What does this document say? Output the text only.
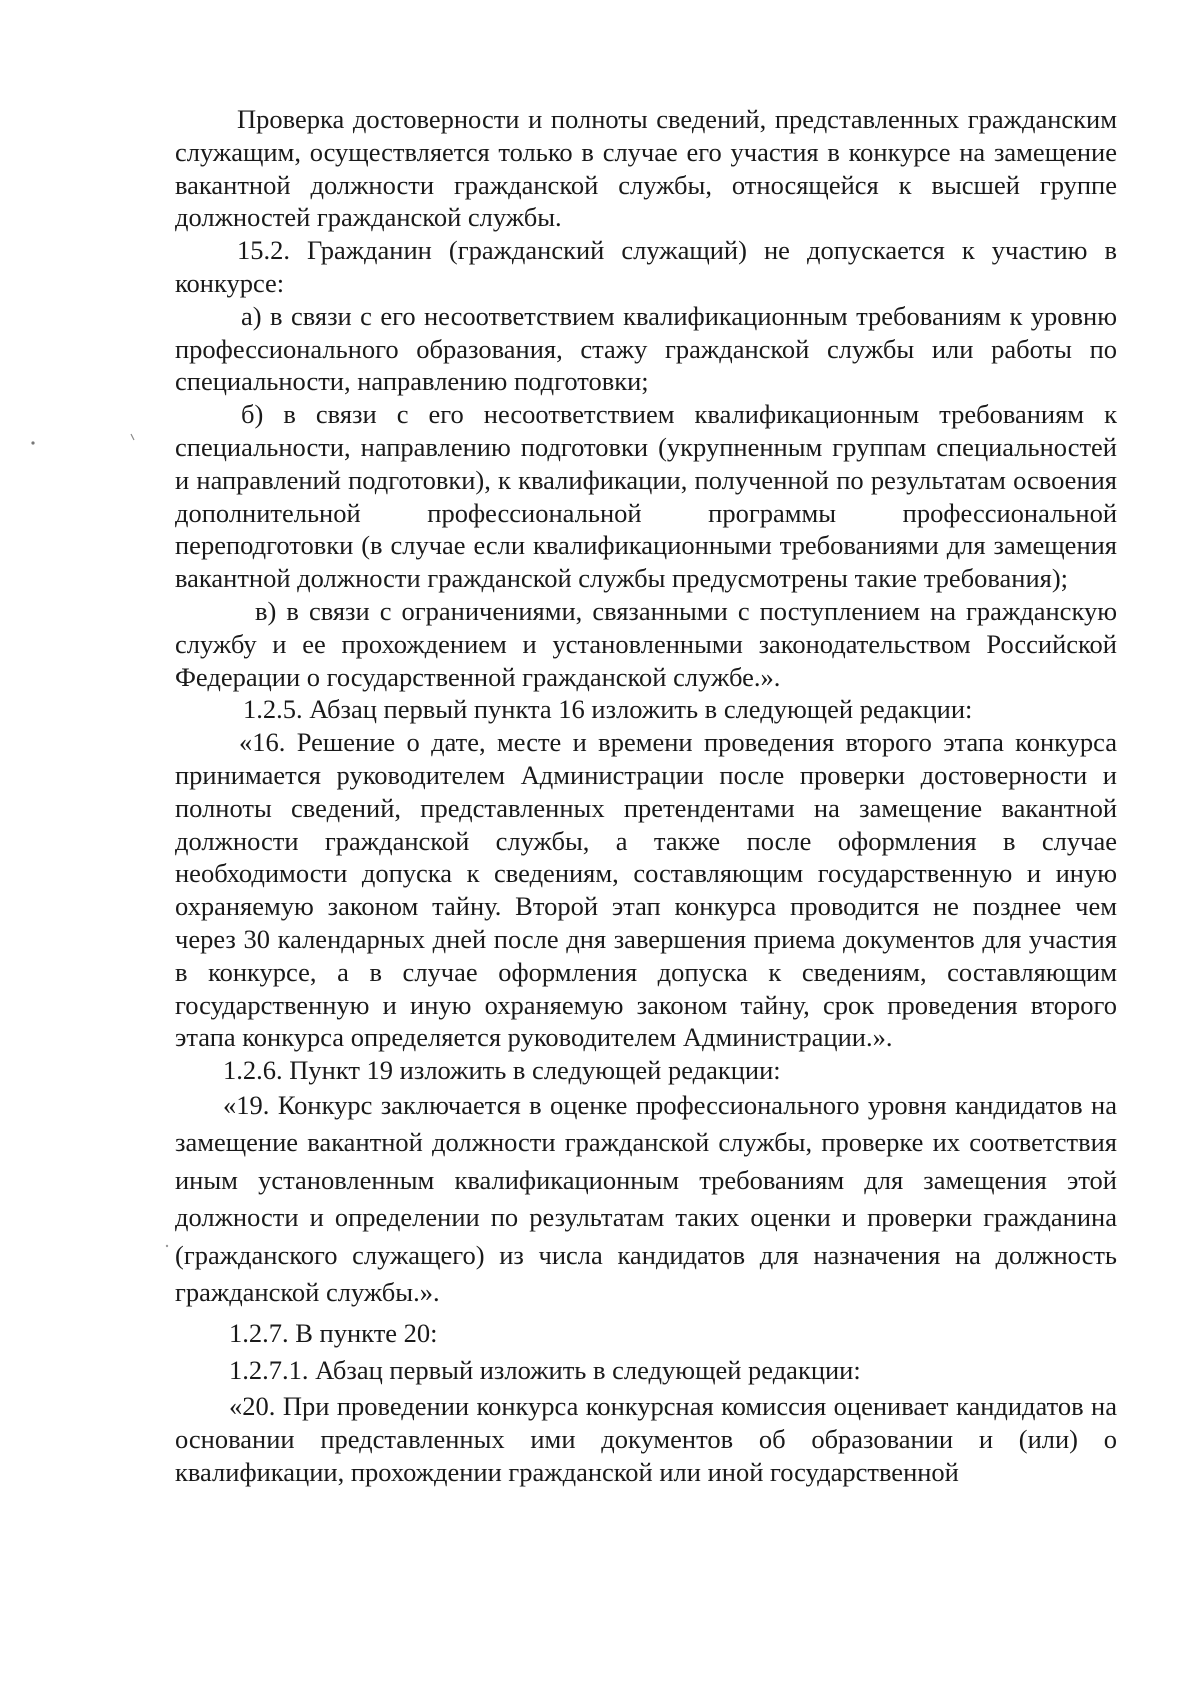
Проверка достоверности и полноты сведений, представленных гражданским служащим, осуществляется только в случае его участия в конкурсе на замещение вакантной должности гражданской службы, относящейся к высшей группе должностей гражданской службы.

15.2. Гражданин (гражданский служащий) не допускается к участию в конкурсе:

а) в связи с его несоответствием квалификационным требованиям к уровню профессионального образования, стажу гражданской службы или работы по специальности, направлению подготовки;

б) в связи с его несоответствием квалификационным требованиям к специальности, направлению подготовки (укрупненным группам специальностей и направлений подготовки), к квалификации, полученной по результатам освоения дополнительной профессиональной программы профессиональной переподготовки (в случае если квалификационными требованиями для замещения вакантной должности гражданской службы предусмотрены такие требования);

в) в связи с ограничениями, связанными с поступлением на гражданскую службу и ее прохождением и установленными законодательством Российской Федерации о государственной гражданской службе.».

1.2.5. Абзац первый пункта 16 изложить в следующей редакции:

«16. Решение о дате, месте и времени проведения второго этапа конкурса принимается руководителем Администрации после проверки достоверности и полноты сведений, представленных претендентами на замещение вакантной должности гражданской службы, а также после оформления в случае необходимости допуска к сведениям, составляющим государственную и иную охраняемую законом тайну. Второй этап конкурса проводится не позднее чем через 30 календарных дней после дня завершения приема документов для участия в конкурсе, а в случае оформления допуска к сведениям, составляющим государственную и иную охраняемую законом тайну, срок проведения второго этапа конкурса определяется руководителем Администрации.».

1.2.6. Пункт 19 изложить в следующей редакции:

«19. Конкурс заключается в оценке профессионального уровня кандидатов на замещение вакантной должности гражданской службы, проверке их соответствия иным установленным квалификационным требованиям для замещения этой должности и определении по результатам таких оценки и проверки гражданина (гражданского служащего) из числа кандидатов для назначения на должность гражданской службы.».

1.2.7. В пункте 20:

1.2.7.1. Абзац первый изложить в следующей редакции:

«20. При проведении конкурса конкурсная комиссия оценивает кандидатов на основании представленных ими документов об образовании и (или) о квалификации, прохождении гражданской или иной государственной
